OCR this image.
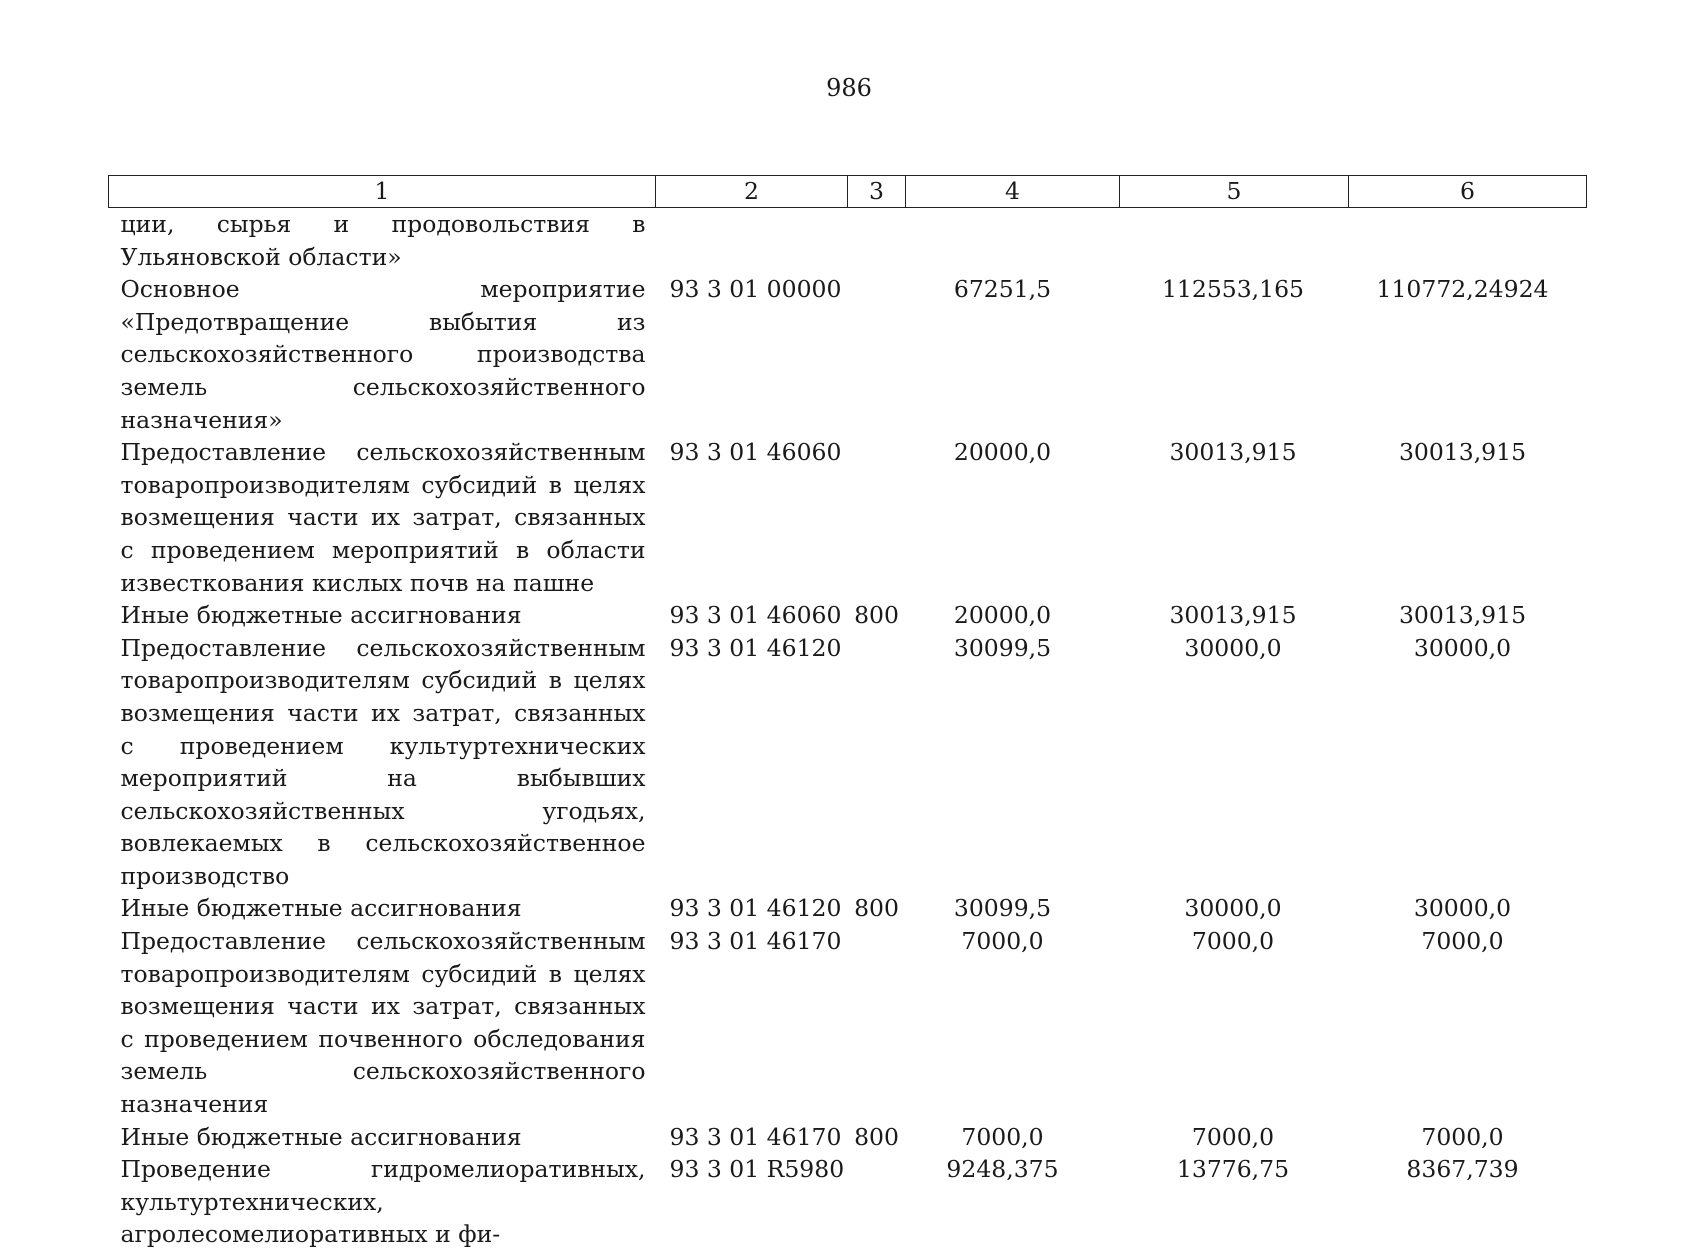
986
1	2	3	4	5	6
ции, сырья и продовольствия в Ульяновской области»					
Основное мероприятие «Предотвращение выбытия из сельскохозяйственного производства земель сельскохозяйственного назначения»	93 3 01 00000		67251,5	112553,165	110772,24924
Предоставление сельскохозяйственным товаропроизводителям субсидий в целях возмещения части их затрат, связанных с проведением мероприятий в области известкования кислых почв на пашне	93 3 01 46060		20000,0	30013,915	30013,915
Иные бюджетные ассигнования	93 3 01 46060	800	20000,0	30013,915	30013,915
Предоставление сельскохозяйственным товаропроизводителям субсидий в целях возмещения части их затрат, связанных с проведением культуртехнических мероприятий на выбывших сельскохозяйственных угодьях, вовлекаемых в сельскохозяйственное производство	93 3 01 46120		30099,5	30000,0	30000,0
Иные бюджетные ассигнования	93 3 01 46120	800	30099,5	30000,0	30000,0
Предоставление сельскохозяйственным товаропроизводителям субсидий в целях возмещения части их затрат, связанных с проведением почвенного обследования земель сельскохозяйственного назначения	93 3 01 46170		7000,0	7000,0	7000,0
Иные бюджетные ассигнования	93 3 01 46170	800	7000,0	7000,0	7000,0
Проведение гидромелиоративных, культуртехнических, агролесомелиоративных и фи-	93 3 01 R5980		9248,375	13776,75	8367,739
